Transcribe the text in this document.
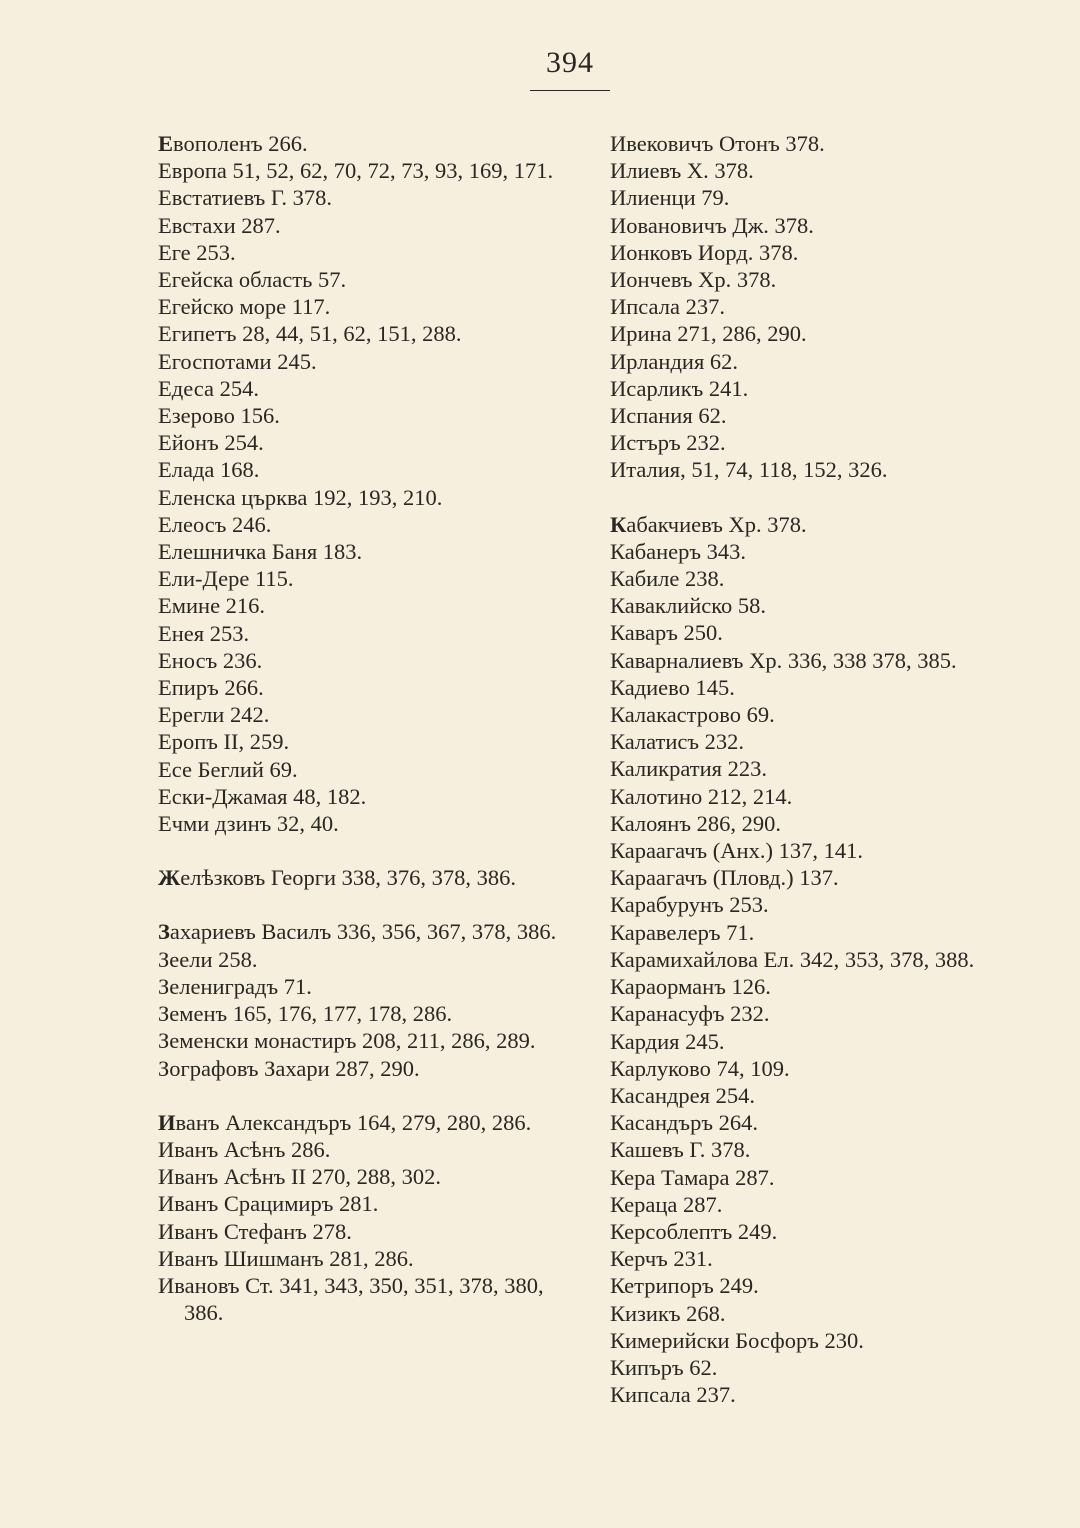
394
Евополенъ 266.
Европа 51, 52, 62, 70, 72, 73, 93, 169, 171.
Евстатиевъ Г. 378.
Евстахи 287.
Еге 253.
Егейска область 57.
Егейско море 117.
Египетъ 28, 44, 51, 62, 151, 288.
Егоспотами 245.
Едеса 254.
Езерово 156.
Ейонъ 254.
Елада 168.
Еленска църква 192, 193, 210.
Елеосъ 246.
Елешничка Баня 183.
Ели-Дере 115.
Емине 216.
Енея 253.
Еносъ 236.
Епиръ 266.
Ерегли 242.
Еропъ II, 259.
Есе Беглий 69.
Ески-Джамая 48, 182.
Ечми дзинъ 32, 40.
Желѣзковъ Георги 338, 376, 378, 386.
Захариевъ Василъ 336, 356, 367, 378, 386.
Зеели 258.
Зелениградъ 71.
Земенъ 165, 176, 177, 178, 286.
Земенски монастиръ 208, 211, 286, 289.
Зографовъ Захари 287, 290.
Иванъ Александъръ 164, 279, 280, 286.
Иванъ Асѣнъ 286.
Иванъ Асѣнъ II 270, 288, 302.
Иванъ Срацимиръ 281.
Иванъ Стефанъ 278.
Иванъ Шишманъ 281, 286.
Ивановъ Ст. 341, 343, 350, 351, 378, 380, 386.
Ивековичъ Отонъ 378.
Илиевъ Х. 378.
Илиенци 79.
Иовановичъ Дж. 378.
Ионковъ Иорд. 378.
Иончевъ Хр. 378.
Ипсала 237.
Ирина 271, 286, 290.
Ирландия 62.
Исарликъ 241.
Испания 62.
Истъръ 232.
Италия, 51, 74, 118, 152, 326.
Кабакчиевъ Хр. 378.
Кабанеръ 343.
Кабиле 238.
Каваклийско 58.
Каваръ 250.
Каварналиевъ Хр. 336, 338 378, 385.
Кадиево 145.
Калакастрово 69.
Калатисъ 232.
Каликратия 223.
Калотино 212, 214.
Калоянъ 286, 290.
Караагачъ (Анх.) 137, 141.
Караагачъ (Пловд.) 137.
Карабурунъ 253.
Каравелеръ 71.
Карамихайлова Ел. 342, 353, 378, 388.
Караорманъ 126.
Каранасуфъ 232.
Кардия 245.
Карлуково 74, 109.
Касандрея 254.
Касандъръ 264.
Кашевъ Г. 378.
Кера Тамара 287.
Кераца 287.
Керсоблептъ 249.
Керчъ 231.
Кетрипоръ 249.
Кизикъ 268.
Кимерийски Босфоръ 230.
Кипъръ 62.
Кипсала 237.
